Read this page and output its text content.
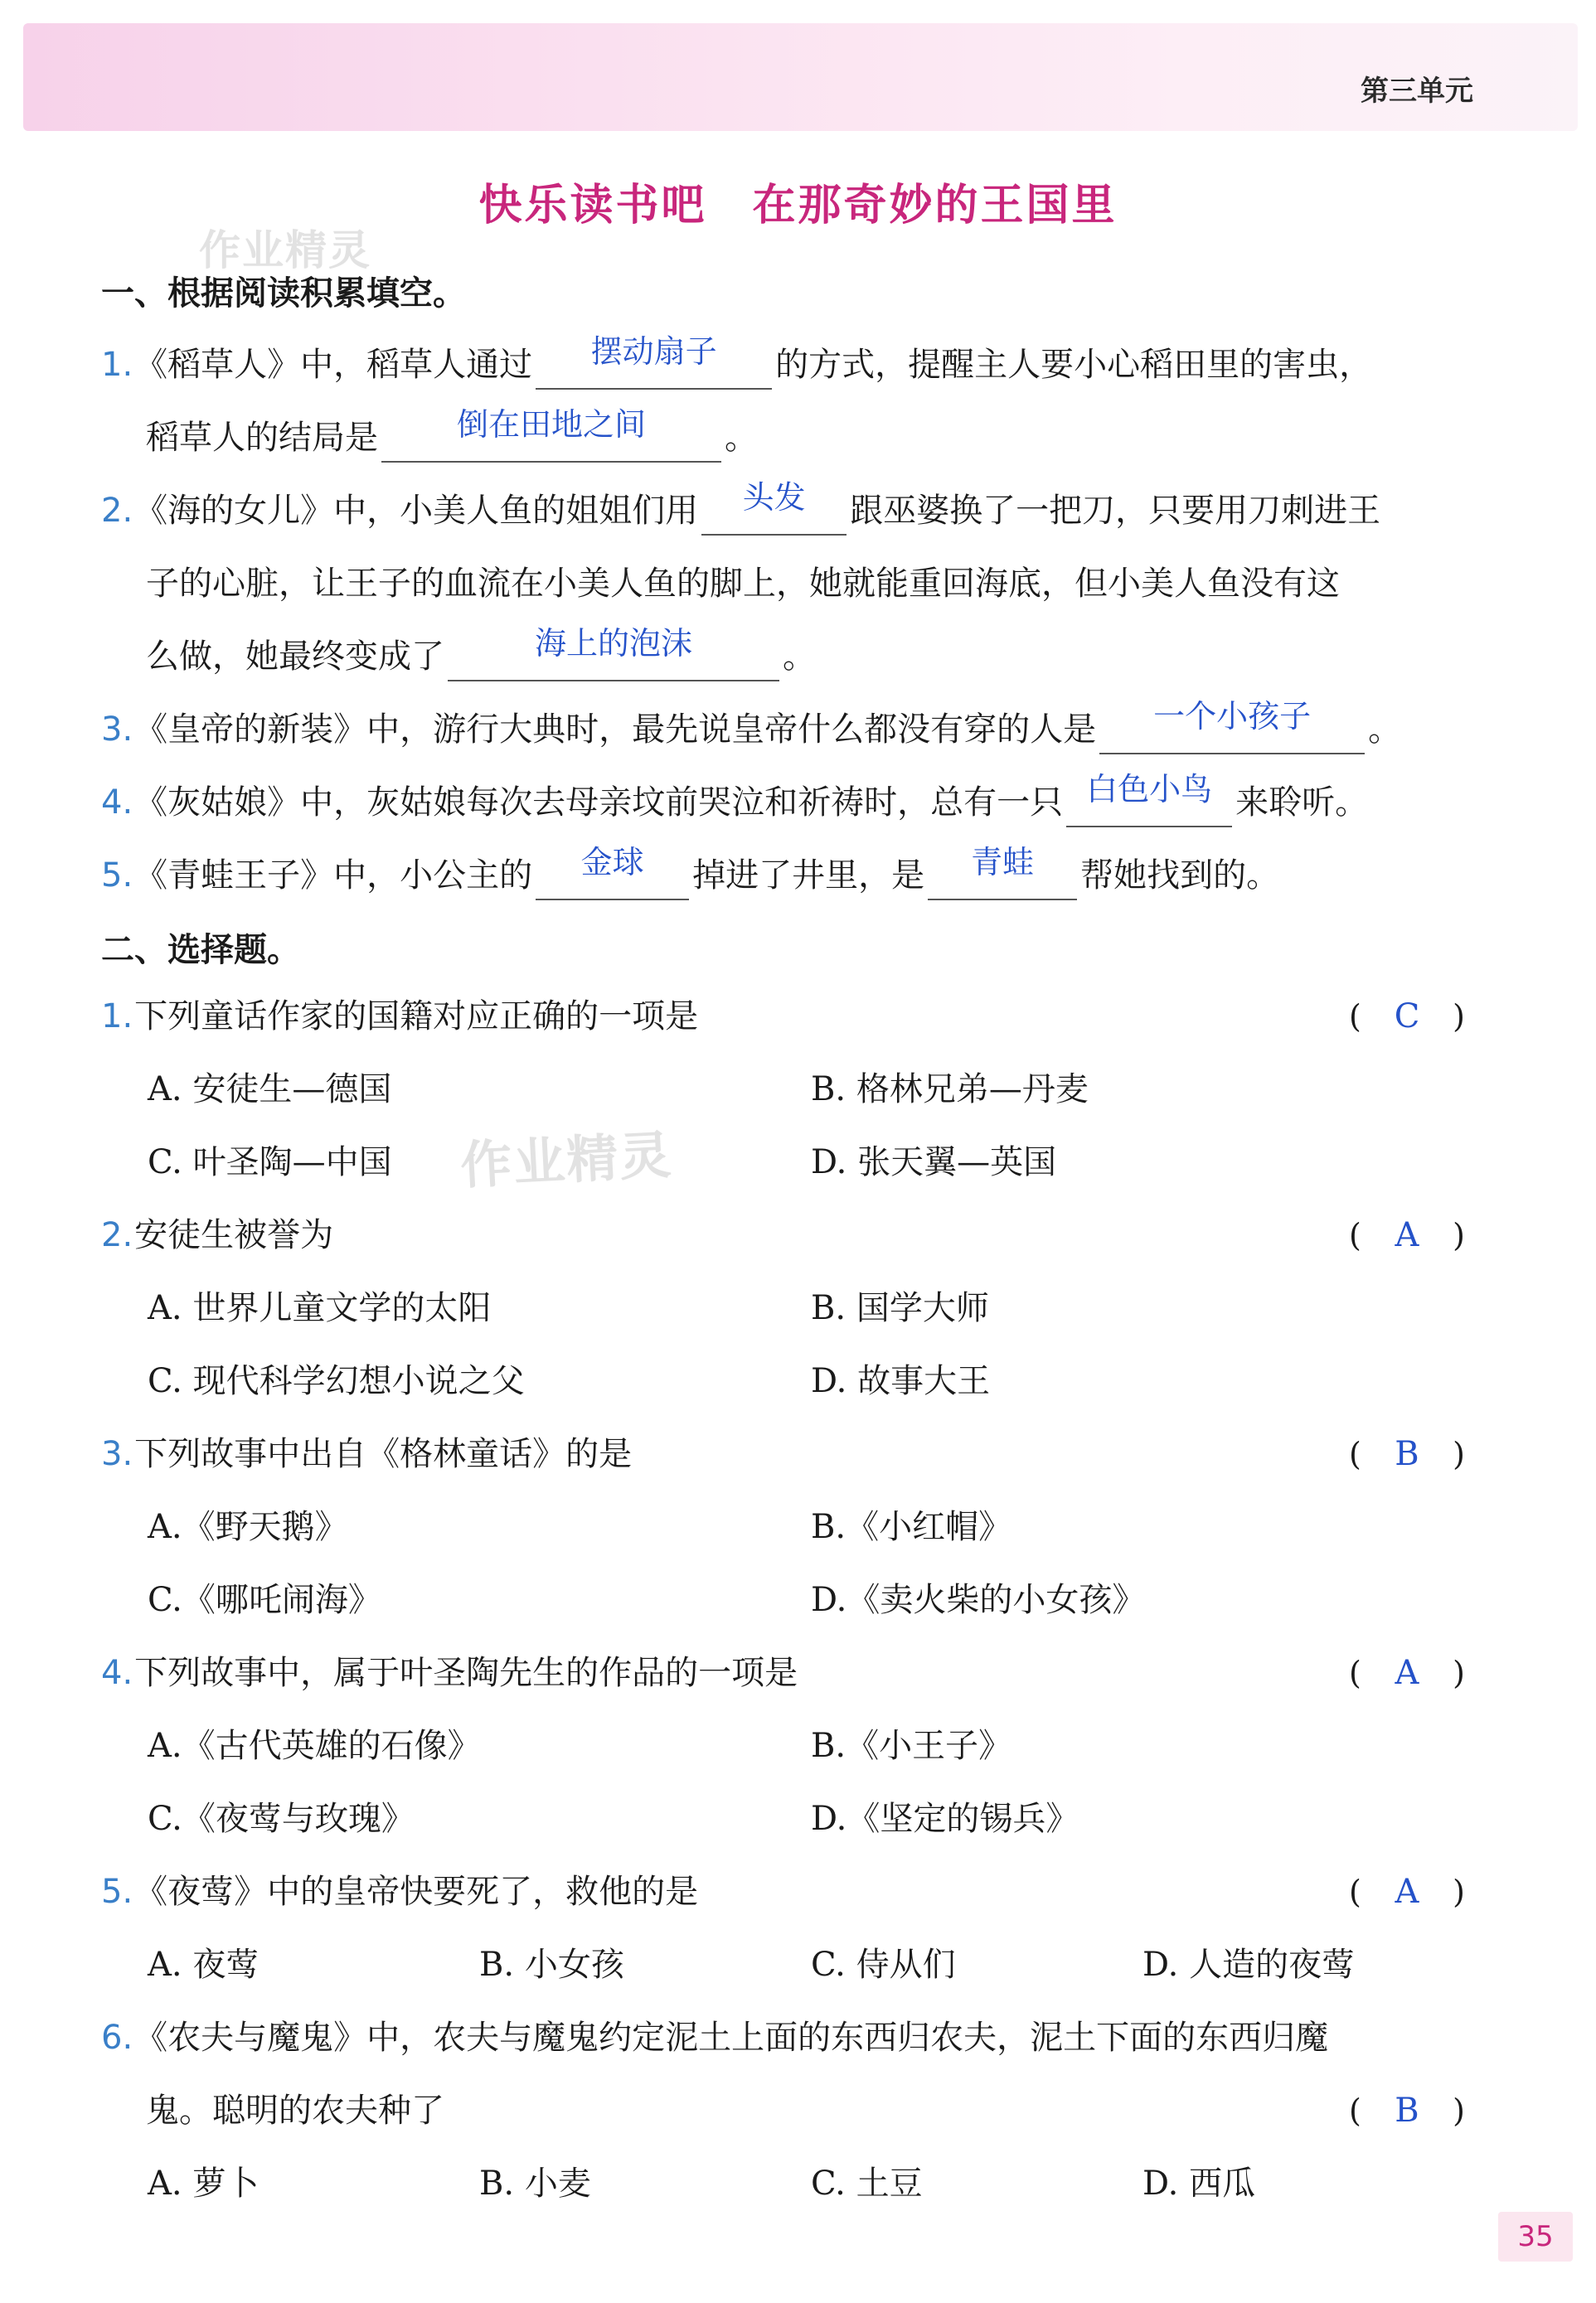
第三单元
快乐读书吧　在那奇妙的王国里
作业精灵
作业精灵
一、根据阅读积累填空。
1.《稻草人》中，稻草人通过	摆动扇子	的方式，提醒主人要小心稻田里的害虫，
稻草人的结局是	倒在田地之间	。
2.《海的女儿》中，小美人鱼的姐姐们用	头发	跟巫婆换了一把刀，只要用刀刺进王
子的心脏，让王子的血流在小美人鱼的脚上，她就能重回海底，但小美人鱼没有这
么做，她最终变成了	海上的泡沫	。
3.《皇帝的新装》中，游行大典时，最先说皇帝什么都没有穿的人是	一个小孩子	。
4.《灰姑娘》中，灰姑娘每次去母亲坟前哭泣和祈祷时，总有一只 白色小鸟 来聆听。
5.《青蛙王子》中，小公主的	金球	掉进了井里，是	青蛙	帮她找到的。
二、选择题。
1.下列童话作家的国籍对应正确的一项是	( C )
A. 安徒生—德国	B. 格林兄弟—丹麦
C. 叶圣陶—中国	D. 张天翼—英国
2.安徒生被誉为	( A )
A. 世界儿童文学的太阳	B. 国学大师
C. 现代科学幻想小说之父	D. 故事大王
3.下列故事中出自《格林童话》的是	( B )
A.《野天鹅》	B.《小红帽》
C.《哪吒闹海》	D.《卖火柴的小女孩》
4.下列故事中，属于叶圣陶先生的作品的一项是	( A )
A.《古代英雄的石像》	B.《小王子》
C.《夜莺与玫瑰》	D.《坚定的锡兵》
5.《夜莺》中的皇帝快要死了，救他的是	( A )
A. 夜莺	B. 小女孩	C. 侍从们	D. 人造的夜莺
6.《农夫与魔鬼》中，农夫与魔鬼约定泥土上面的东西归农夫，泥土下面的东西归魔
鬼。聪明的农夫种了	( B )
A. 萝卜	B. 小麦	C. 土豆	D. 西瓜
35
